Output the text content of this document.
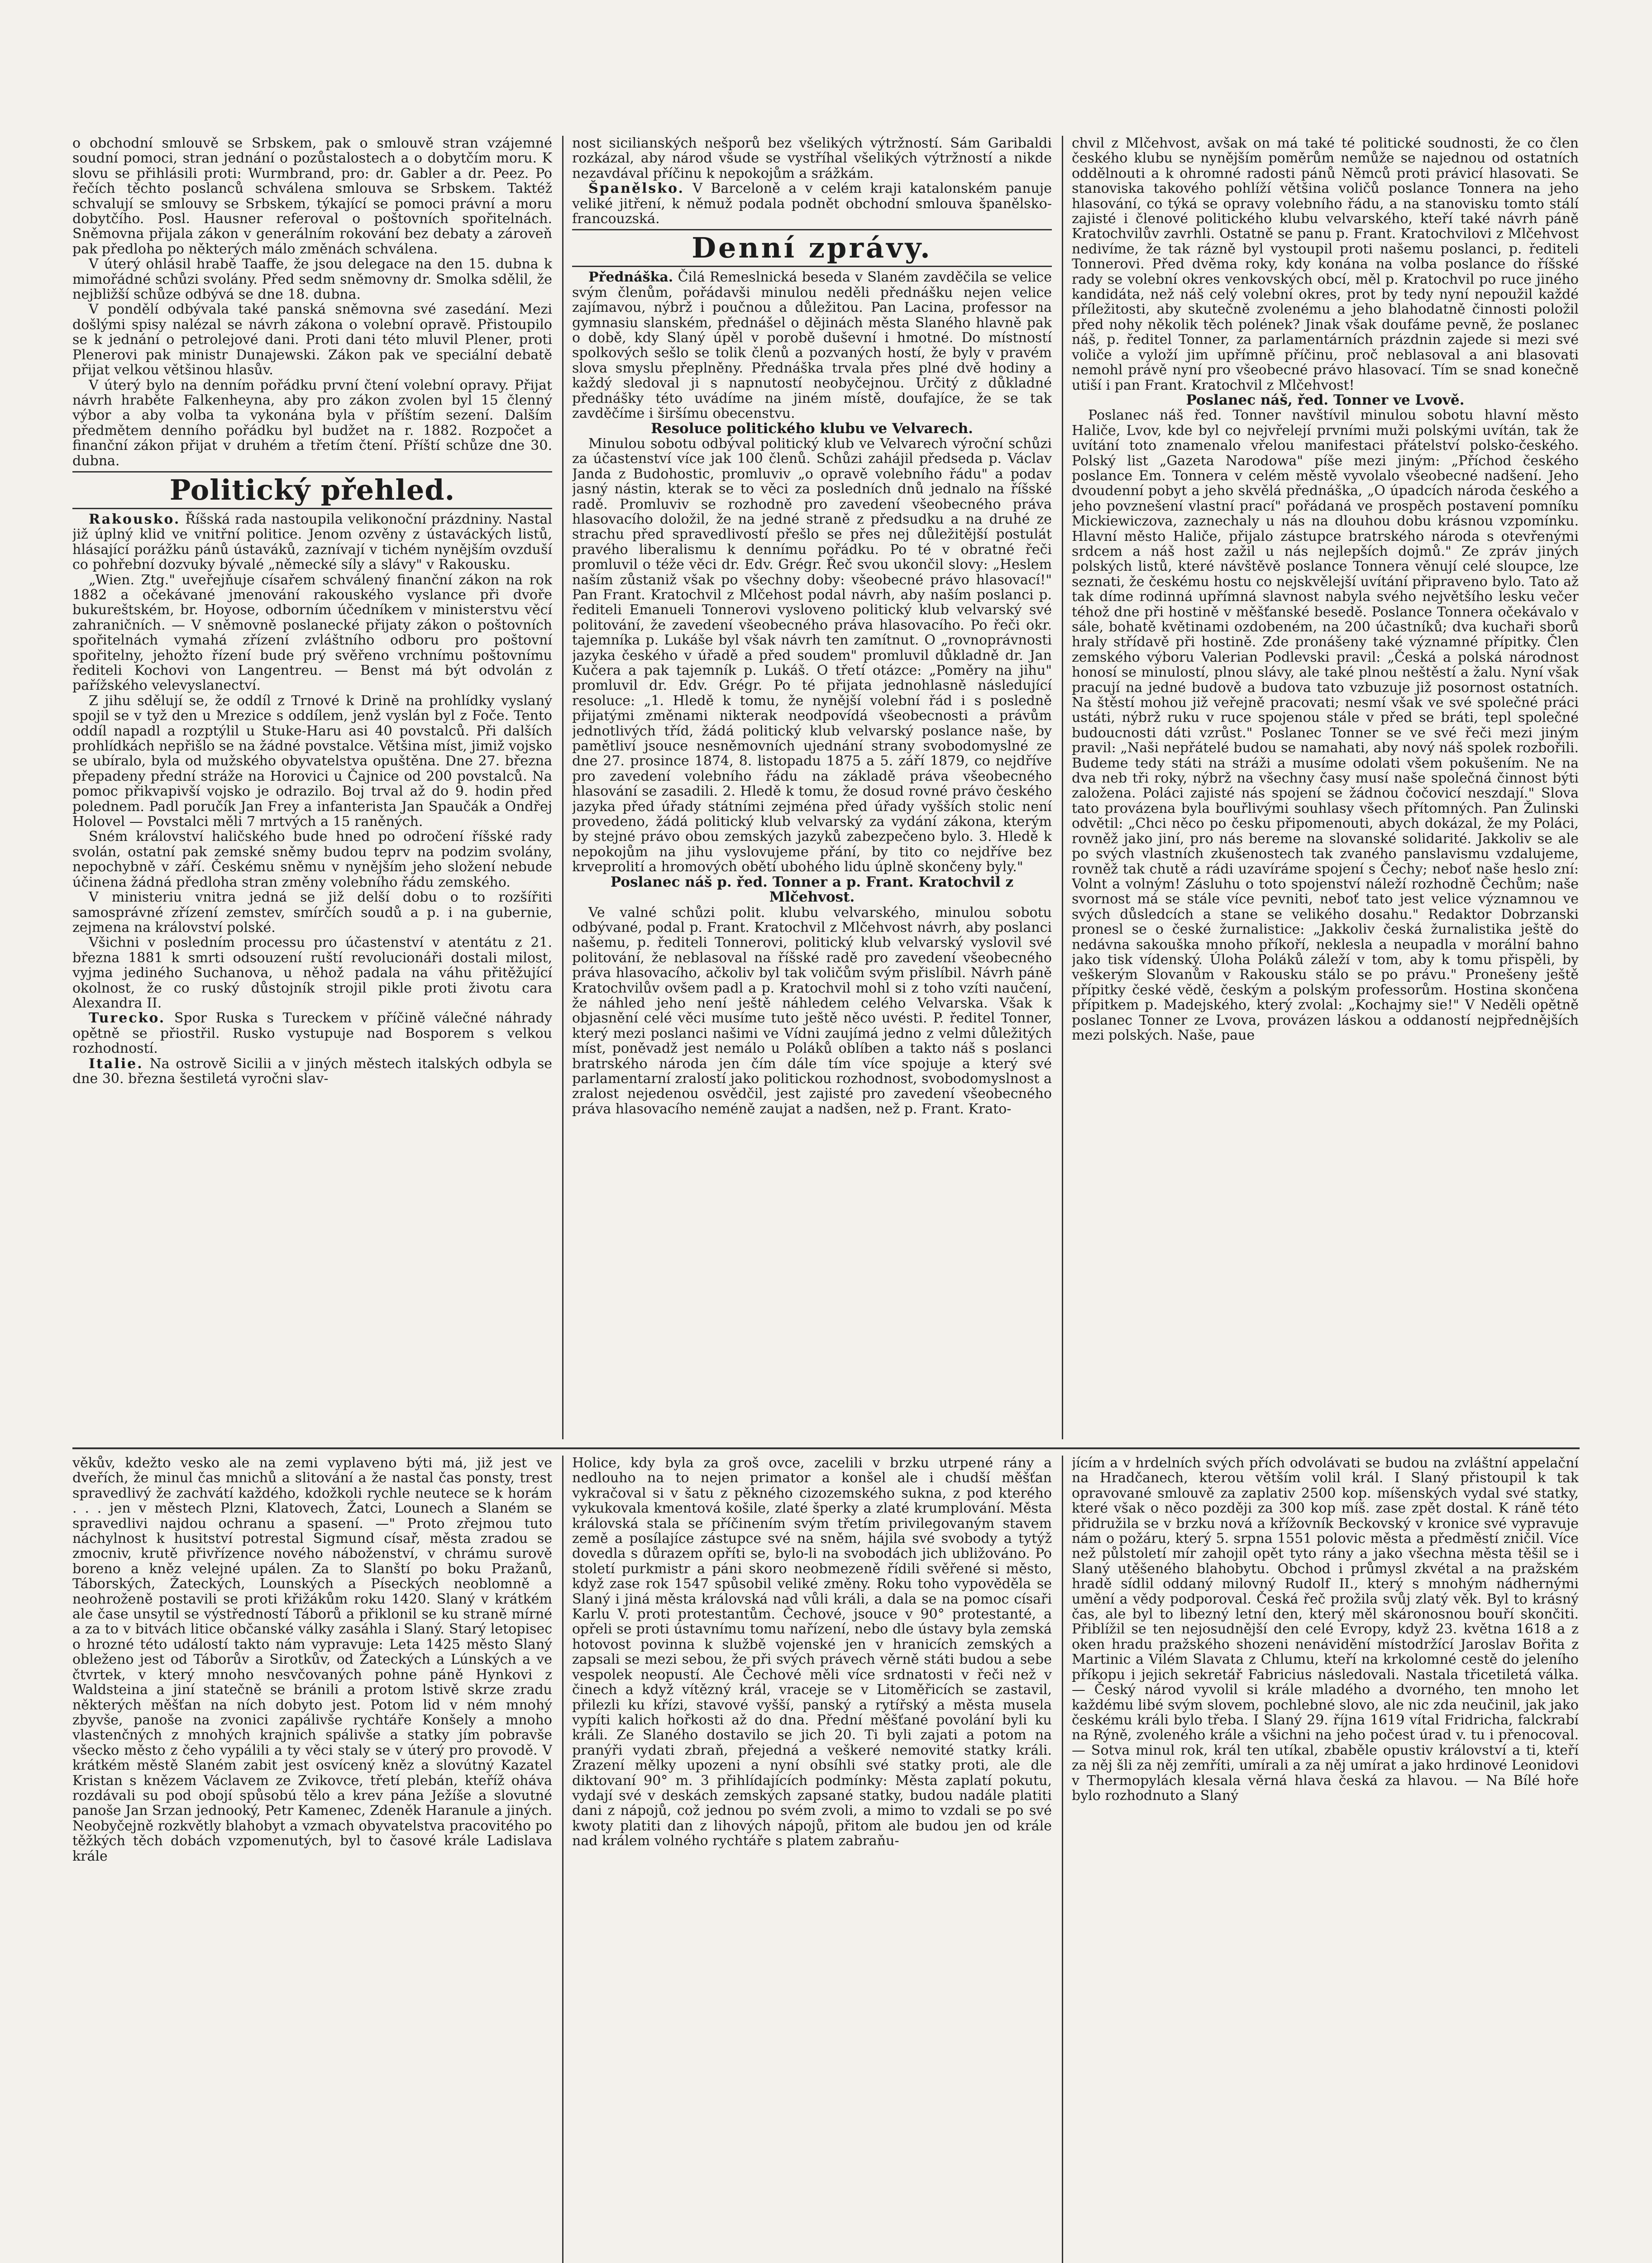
o obchodní smlouvě se Srbskem, pak o smlouvě stran vzájemné soudní pomoci, stran jednání o pozůstalostech a o dobytčím moru. K slovu se přihlásili proti: Wurmbrand, pro: dr. Gabler a dr. Peez. Po řečích těchto poslanců schválena smlouva se Srbskem. Taktéž schvalují se smlouvy se Srbskem, týkající se pomoci právní a moru dobytčího. Posl. Hausner referoval o poštovních spořitelnách. Sněmovna přijala zákon v generálním rokování bez debaty a zároveň pak předloha po některých málo změnách schválena.

V úterý ohlásil hrabě Taaffe, že jsou delegace na den 15. dubna k mimořádné schůzi svolány. Před sedm sněmovny dr. Smolka sdělil, že nejbližší schůze odbývá se dne 18. dubna.

V pondělí odbývala také panská sněmovna své zasedání. Mezi došlými spisy nalézal se návrh zákona o volební opravě. Přistoupilo se k jednání o petrolejové dani. Proti dani této mluvil Plener, proti Plenerovi pak ministr Dunajewski. Zákon pak ve speciální debatě přijat velkou většinou hlasův.

V úterý bylo na denním pořádku první čtení volební opravy. Přijat návrh hraběte Falkenheyna, aby pro zákon zvolen byl 15 členný výbor a aby volba ta vykonána byla v příštím sezení. Dalším předmětem denního pořádku byl budžet na r. 1882. Rozpočet a finanční zákon přijat v druhém a třetím čtení. Příští schůze dne 30. dubna.

Politický přehled.

Rakousko. Říšská rada nastoupila velikonoční prázdniny. Nastal již úplný klid ve vnitřní politice. Jenom ozvěny z ústaváckých listů, hlásající porážku pánů ústaváků, zaznívají v tichém nynějším ovzduší co pohřební dozvuky bývalé „německé síly a slávy" v Rakousku.

„Wien. Ztg." uveřejňuje císařem schválený finanční zákon na rok 1882 a očekávané jmenování rakouského vyslance při dvoře bukureštském, br. Hoyose, odborním účedníkem v ministerstvu věcí zahraničních. — V sněmovně poslanecké přijaty zákon o poštovních spořitelnách vymahá zřízení zvláštního odboru pro poštovní spořitelny, jehožto řízení bude prý svěřeno vrchnímu poštovnímu řediteli Kochovi von Langentreu. — Benst má být odvolán z pařížského velevyslanectví.

Z jihu sdělují se, že oddíl z Trnové k Drině na prohlídky vyslaný spojil se v tyž den u Mrezice s oddílem, jenž vyslán byl z Foče. Tento oddíl napadl a rozptýlil u Stuke-Haru asi 40 povstalců. Při dalších prohlídkách nepřišlo se na žádné povstalce. Většina míst, jimiž vojsko se ubíralo, byla od mužského obyvatelstva opuštěna. Dne 27. března přepadeny přední stráže na Horovici u Čajnice od 200 povstalců. Na pomoc přikvapivší vojsko je odrazilo. Boj trval až do 9. hodin před polednem. Padl poručík Jan Frey a infanterista Jan Spaučák a Ondřej Holovel — Povstalci měli 7 mrtvých a 15 raněných.

Sném království haličského bude hned po odročení říšské rady svolán, ostatní pak zemské sněmy budou teprv na podzim svolány, nepochybně v září. Českému sněmu v nynějším jeho složení nebude účinena žádná předloha stran změny volebního řádu zemského.

V ministeriu vnitra jedná se již delší dobu o to rozšířiti samosprávné zřízení zemstev, smírčích soudů a p. i na gubernie, zejmena na království polské.

Všichni v posledním processu pro účastenství v atentátu z 21. března 1881 k smrti odsouzení ruští revolucionáři dostali milost, vyjma jediného Suchanova, u něhož padala na váhu přitěžující okolnost, že co ruský důstojník strojil pikle proti životu cara Alexandra II.

Turecko. Spor Ruska s Tureckem v příčině válečné náhrady opětně se přiostřil. Rusko vystupuje nad Bosporem s velkou rozhodností.

Italie. Na ostrově Sicilii a v jiných městech italských odbyla se dne 30. března šestiletá vyročni slav-

nost sicilianských nešporů bez všelikých výtržností. Sám Garibaldi rozkázal, aby národ všude se vystříhal všelikých výtržností a nikde nezavdával příčinu k nepokojům a srážkám.

Španělsko. V Barceloně a v celém kraji katalonském panuje veliké jitření, k němuž podala podnět obchodní smlouva španělsko-francouzská.

Denní zprávy.

Přednáška. Čilá Remeslnická beseda v Slaném zavděčila se velice svým členům, pořádavši minulou neděli přednášku nejen velice zajímavou, nýbrž i poučnou a důležitou. Pan Lacina, professor na gymnasiu slanském, přednášel o dějinách města Slaného hlavně pak o době, kdy Slaný úpěl v porobě duševní i hmotné. Do místností spolkových sešlo se tolik členů a pozvaných hostí, že byly v pravém slova smyslu přeplněny. Přednáška trvala přes plné dvě hodiny a každý sledoval ji s napnutostí neobyčejnou. Určitý z důkladné přednášky této uvádíme na jiném místě, doufajíce, že se tak zavděčíme i širšímu obecenstvu.

Resoluce politického klubu ve Velvarech.

Minulou sobotu odbýval politický klub ve Velvarech výroční schůzi za účastenství více jak 100 členů. Schůzi zahájil předseda p. Václav Janda z Budohostic, promluviv „o opravě volebního řádu" a podav jasný nástin, kterak se to věci za posledních dnů jednalo na říšské radě. Promluviv se rozhodně pro zavedení všeobecného práva hlasovacího doložil, že na jedné straně z předsudku a na druhé ze strachu před spravedlivostí přešlo se přes nej důležitější postulát pravého liberalismu k dennímu pořádku. Po té v obratné řeči promluvil o téže věci dr. Edv. Grégr. Řeč svou ukončil slovy: „Heslem naším zůstaniž však po všechny doby: všeobecné právo hlasovací!" Pan Frant. Kratochvil z Mlčehost podal návrh, aby naším poslanci p. řediteli Emanueli Tonnerovi vysloveno politický klub velvarský své politování, že zavedení všeobecného práva hlasovacího. Po řeči okr. tajemníka p. Lukáše byl však návrh ten zamítnut. O „rovnoprávnosti jazyka českého v úřadě a před soudem" promluvil důkladně dr. Jan Kučera a pak tajemník p. Lukáš. O třetí otázce: „Poměry na jihu" promluvil dr. Edv. Grégr. Po té přijata jednohlasně následující resoluce: „1. Hledě k tomu, že nynější volební řád i s posledně přijatými změnami nikterak neodpovídá všeobecnosti a právům jednotlivých tříd, žádá politický klub velvarský poslance naše, by pamětliví jsouce nesněmovních ujednání strany svobodomyslné ze dne 27. prosince 1874, 8. listopadu 1875 a 5. září 1879, co nejdříve pro zavedení volebního řádu na základě práva všeobecného hlasování se zasadili. 2. Hledě k tomu, že dosud rovné právo českého jazyka před úřady státními zejména před úřady vyšších stolic není provedeno, žádá politický klub velvarský za vydání zákona, kterým by stejné právo obou zemských jazyků zabezpečeno bylo. 3. Hledě k nepokojům na jihu vyslovujeme přání, by tito co nejdříve bez krveprolití a hromových obětí ubohého lidu úplně skončeny byly."

Poslanec náš p. řed. Tonner a p. Frant. Kratochvil z Mlčehvost.

Ve valné schůzi polit. klubu velvarského, minulou sobotu odbývané, podal p. Frant. Kratochvil z Mlčehvost návrh, aby poslanci našemu, p. řediteli Tonnerovi, politický klub velvarský vyslovil své politování, že neblasoval na říšské radě pro zavedení všeobecného práva hlasovacího, ačkoliv byl tak voličům svým přislíbil. Návrh páně Kratochvilův ovšem padl a p. Kratochvil mohl si z toho vzíti naučení, že náhled jeho není ještě náhledem celého Velvarska. Však k objasnění celé věci musíme tuto ještě něco uvésti. P. ředitel Tonner, který mezi poslanci našimi ve Vídni zaujímá jedno z velmi důležitých míst, poněvadž jest nemálo u Poláků oblíben a takto náš s poslanci bratrského národa jen čím dále tím více spojuje a který své parlamentarní zralostí jako politickou rozhodnost, svobodomyslnost a zralost nejedenou osvědčil, jest zajisté pro zavedení všeobecného práva hlasovacího neméně zaujat a nadšen, než p. Frant. Krato-

chvil z Mlčehvost, avšak on má také té politické soudnosti, že co člen českého klubu se nynějším poměrům nemůže se najednou od ostatních oddělnouti a k ohromné radosti pánů Němců proti právicí hlasovati. Se stanoviska takového pohlíží většina voličů poslance Tonnera na jeho hlasování, co týká se opravy volebního řádu, a na stanovisku tomto stálí zajisté i členové politického klubu velvarského, kteří také návrh páně Kratochvilův zavrhli. Ostatně se panu p. Frant. Kratochvilovi z Mlčehvost nedivíme, že tak rázně byl vystoupil proti našemu poslanci, p. řediteli Tonnerovi. Před dvěma roky, kdy konána na volba poslance do říšské rady se volební okres venkovských obcí, měl p. Kratochvil po ruce jiného kandidáta, než náš celý volební okres, prot by tedy nyní nepoužil každé příležitosti, aby skutečně zvolenému a jeho blahodatně činnosti položil před nohy několik těch polének? Jinak však doufáme pevně, že poslanec náš, p. ředitel Tonner, za parlamentárních prázdnin zajede si mezi své voliče a vyloží jim upřímně příčinu, proč neblasoval a ani blasovati nemohl právě nyní pro všeobecné právo hlasovací. Tím se snad konečně utiší i pan Frant. Kratochvil z Mlčehvost!

Poslanec náš, řed. Tonner ve Lvově.

Poslanec náš řed. Tonner navštívil minulou sobotu hlavní město Haliče, Lvov, kde byl co nejvřelejí prvními muži polskými uvítán, tak že uvítání toto znamenalo vřelou manifestaci přátelství polsko-českého. Polský list „Gazeta Narodowa" píše mezi jiným: „Příchod českého poslance Em. Tonnera v celém městě vyvolalo všeobecné nadšení. Jeho dvoudenní pobyt a jeho skvělá přednáška, „O úpadcích národa českého a jeho povznešení vlastní prací" pořádaná ve prospěch postavení pomníku Mickiewiczova, zaznechaly u nás na dlouhou dobu krásnou vzpomínku. Hlavní město Haliče, přijalo zástupce bratrského národa s otevřenými srdcem a náš host zažil u nás nejlepších dojmů." Ze zpráv jiných polských listů, které návštěvě poslance Tonnera věnují celé sloupce, lze seznati, že českému hostu co nejskvělejší uvítání připraveno bylo. Tato až tak díme rodinná upřímná slavnost nabyla svého největšího lesku večer téhož dne při hostině v měšťanské besedě. Poslance Tonnera očekávalo v sále, bohatě květinami ozdobeném, na 200 účastníků; dva kuchaři sborů hraly střídavě při hostině. Zde pronášeny také významné přípitky. Člen zemského výboru Valerian Podlevski pravil: „Česká a polská národnost honosí se minulostí, plnou slávy, ale také plnou neštěstí a žalu. Nyní však pracují na jedné budově a budova tato vzbuzuje již posornost ostatních. Na štěstí mohou již veřejně pracovati; nesmí však ve své společné práci ustáti, nýbrž ruku v ruce spojenou stále v před se bráti, tepl společné budoucnosti dáti vzrůst." Poslanec Tonner se ve své řeči mezi jiným pravil: „Naši nepřátelé budou se namahati, aby nový náš spolek rozbořili. Budeme tedy státi na stráži a musíme odolati všem pokušením. Ne na dva neb tři roky, nýbrž na všechny časy musí naše společná činnost býti založena. Poláci zajisté nás spojení se žádnou čočovicí neszdají." Slova tato provázena byla bouřlivými souhlasy všech přítomných. Pan Žulinski odvětil: „Chci něco po česku připomenouti, abych dokázal, že my Poláci, rovněž jako jiní, pro nás bereme na slovanské solidarité. Jakkoliv se ale po svých vlastních zkušenostech tak zvaného panslavismu vzdalujeme, rovněž tak chutě a rádi uzavíráme spojení s Čechy; neboť naše heslo zní: Volnt a volným! Zásluhu o toto spojenství náleží rozhodně Čechům; naše svornost má se stále více pevniti, neboť tato jest velice významnou ve svých důsledcích a stane se velikého dosahu." Redaktor Dobrzanski pronesl se o české žurnalistice: „Jakkoliv česká žurnalistika ještě do nedávna sakouška mnoho příkoří, neklesla a neupadla v morální bahno jako tisk vídenský. Úloha Poláků záleží v tom, aby k tomu přispěli, by veškerým Slovanům v Rakousku stálo se po právu." Pronešeny ještě přípitky české vědě, českým a polským professorům. Hostina skončena přípitkem p. Madejského, který zvolal: „Kochajmy sie!" V Neděli opětně poslanec Tonner ze Lvova, provázen láskou a oddaností nejpřednějších mezi polských. Naše, paue

věkův, kdežto vesko ale na zemi vyplaveno býti má, již jest ve dveřích, že minul čas mnichů a slitování a že nastal čas ponsty, trest spravedlivý že zachvátí každého, kdožkoli rychle neutece se k horám . . . jen v městech Plzni, Klatovech, Žatci, Lounech a Slaném se spravedlivi najdou ochranu a spasení. —" Proto zřejmou tuto náchylnost k husitství potrestal Sigmund císař, města zradou se zmocniv, krutě přivřízence nového náboženství, v chrámu surově boreno a kněz velejné upálen. Za to Slanští po boku Pražanů, Táborských, Žateckých, Lounských a Píseckých neoblomně a neohroženě postavili se proti křižákům roku 1420. Slaný v krátkém ale čase unsytil se výstředností Táborů a přiklonil se ku straně mírné a za to v bitvách litice občanské války zasáhla i Slaný. Starý letopisec o hrozné této událostí takto nám vypravuje: Leta 1425 město Slaný obleženo jest od Táborův a Sirotkův, od Žateckých a Lúnských a ve čtvrtek, v který mnoho nesvčovaných pohne páně Hynkovi z Waldsteina a jiní statečně se bránili a protom lstivě skrze zradu některých měšťan na ních dobyto jest. Potom lid v ném mnohý zbyvše, panoše na zvonici zapálivše rychtáře Konšely a mnoho vlastenčných z mnohých krajnich spálivše a statky jím pobravše všecko město z čeho vypálili a ty věci staly se v úterý pro provodě. V krátkém městě Slaném zabit jest osvícený kněz a slovútný Kazatel Kristan s knězem Václavem ze Zvikovce, třetí plebán, kteříž oháva rozdávali su pod obojí spůsobú tělo a krev pána Ježíše a slovutné panoše Jan Srzan jednooký, Petr Kamenec, Zdeněk Haranule a jiných. Neobyčejně rozkvětly blahobyt a vzmach obyvatelstva pracovitého po těžkých těch dobách vzpomenutých, byl to časové krále Ladislava krále

Holice, kdy byla za groš ovce, zacelili v brzku utrpené rány a nedlouho na to nejen primator a konšel ale i chudší měšťan vykračoval si v šatu z pěkného cizozemského sukna, z pod kterého vykukovala kmentová košile, zlaté šperky a zlaté krumplování. Města královská stala se příčinením svým třetím privilegovaným stavem země a posílajíce zástupce své na sněm, hájila své svobody a tytýž dovedla s důrazem opříti se, bylo-li na svobodách jich ubližováno. Po století purkmistr a páni skoro neobmezeně řídili svěřené si město, když zase rok 1547 spůsobil veliké změny. Roku toho vypověděla se Slaný i jiná města královská nad vůli králi, a dala se na pomoc císaři Karlu V. proti protestantům. Čechové, jsouce v 90° protestanté, a opřeli se proti ústavnímu tomu nařízení, nebo dle ústavy byla zemská hotovost povinna k službě vojenské jen v hranicích zemských a zapsali se mezi sebou, že při svých právech věrně státi budou a sebe vespolek neopustí. Ale Čechové měli více srdnatosti v řeči než v činech a když vítězný král, vraceje se v Litoměřicích se zastavil, přilezli ku křízi, stavové vyšší, panský a rytířský a města musela vypíti kalich hořkosti až do dna. Přední měšťané povolání byli ku králi. Ze Slaného dostavilo se jich 20. Ti byli zajati a potom na pranýři vydati zbraň, přejedná a veškeré nemovité statky králi. Zrazení mělky upozeni a nyní obsíhli své statky proti, ale dle diktovaní 90° m. 3 přihlídajících podmínky: Města zaplatí pokutu, vydají své v deskách zemských zapsané statky, budou nadále platiti dani z nápojů, což jednou po svém zvoli, a mimo to vzdali se po své kwoty platiti dan z lihových nápojů, přitom ale budou jen od krále nad králem volného rychtáře s platem zabraňu-

jícím a v hrdelních svých přích odvolávati se budou na zvláštní appelační na Hradčanech, kterou větším volil král. I Slaný přistoupil k tak opravované smlouvě za zaplativ 2500 kop. míšenských vydal své statky, které však o něco později za 300 kop míš. zase zpět dostal. K ráně této přidružila se v brzku nová a křížovník Beckovský v kronice své vypravuje nám o požáru, který 5. srpna 1551 polovic města a předměstí zničil. Více než půlstoletí mír zahojil opět tyto rány a jako všechna města těšil se i Slaný utěšeného blahobytu. Obchod i průmysl zkvétal a na pražském hradě sídlil oddaný milovný Rudolf II., který s mnohým nádhernými umění a vědy podporoval. Česká řeč prožila svůj zlatý věk. Byl to krásný čas, ale byl to libezný letní den, který měl skáronosnou bouří skončiti. Přiblížil se ten nejosudnější den celé Evropy, když 23. května 1618 a z oken hradu pražského shozeni nenávidění místodržící Jaroslav Bořita z Martinic a Vilém Slavata z Chlumu, kteří na krkolomné cestě do jeleního příkopu i jejich sekretář Fabricius následovali. Nastala třicetiletá válka. — Český národ vyvolil si krále mladého a dvorného, ten mnoho let každému libé svým slovem, pochlebné slovo, ale nic zda neučinil, jak jako českému králi bylo třeba. I Slaný 29. října 1619 vítal Fridricha, falckrabí na Rýně, zvoleného krále a všichni na jeho počest úrad v. tu i přenocoval. — Sotva minul rok, král ten utíkal, zbaběle opustiv království a ti, kteří za něj šli za něj zemříti, umírali a za něj umírat a jako hrdinové Leonidovi v Thermopylách klesala věrná hlava česká za hlavou. — Na Bílé hoře bylo rozhodnuto a Slaný
